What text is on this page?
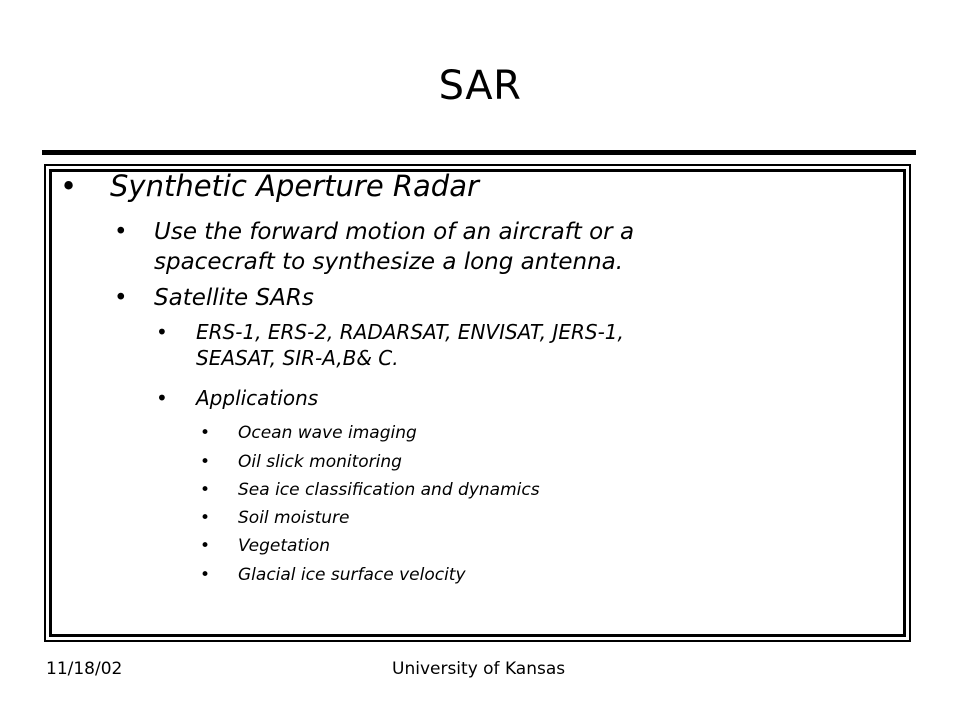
SAR
• Synthetic Aperture Radar
• Use the forward motion of an aircraft or a
spacecraft to synthesize a long antenna.
• Satellite SARs
• ERS-1, ERS-2, RADARSAT, ENVISAT, JERS-1,
SEASAT, SIR-A,B& C.
• Applications
• Ocean wave imaging
• Oil slick monitoring
• Sea ice classification and dynamics
• Soil moisture
• Vegetation
• Glacial ice surface velocity
11/18/02	University of Kansas
